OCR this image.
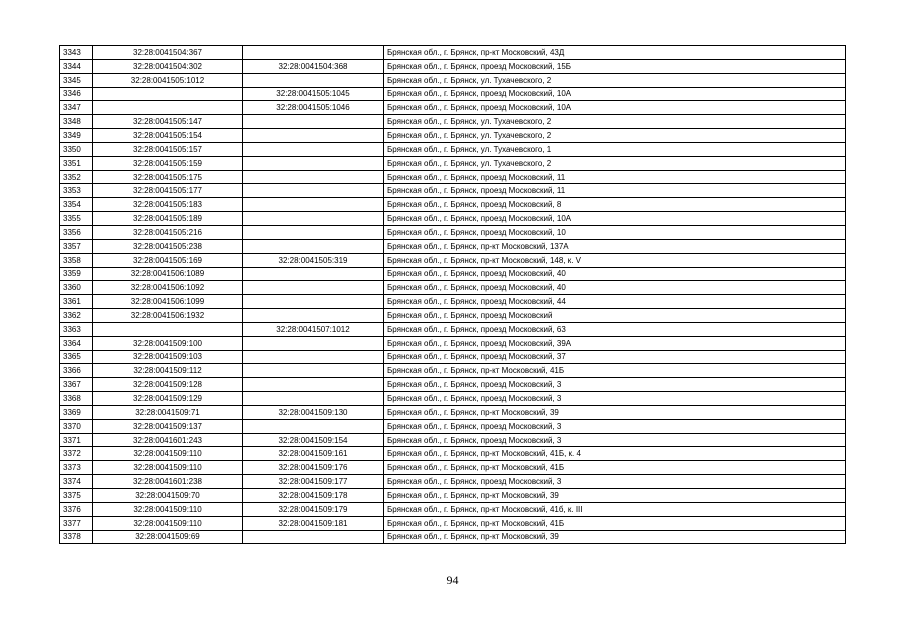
3343	32:28:0041504:367		Брянская обл., г. Брянск, пр-кт Московский, 43Д
3344	32:28:0041504:302	32:28:0041504:368	Брянская обл., г. Брянск, проезд Московский, 15Б
3345	32:28:0041505:1012		Брянская обл., г. Брянск, ул. Тухачевского, 2
3346		32:28:0041505:1045	Брянская обл., г. Брянск, проезд Московский, 10А
3347		32:28:0041505:1046	Брянская обл., г. Брянск, проезд Московский, 10А
3348	32:28:0041505:147		Брянская обл., г. Брянск, ул. Тухачевского, 2
3349	32:28:0041505:154		Брянская обл., г. Брянск, ул. Тухачевского, 2
3350	32:28:0041505:157		Брянская обл., г. Брянск, ул. Тухачевского, 1
3351	32:28:0041505:159		Брянская обл., г. Брянск, ул. Тухачевского, 2
3352	32:28:0041505:175		Брянская обл., г. Брянск, проезд Московский, 11
3353	32:28:0041505:177		Брянская обл., г. Брянск, проезд Московский, 11
3354	32:28:0041505:183		Брянская обл., г. Брянск, проезд Московский, 8
3355	32:28:0041505:189		Брянская обл., г. Брянск, проезд Московский, 10А
3356	32:28:0041505:216		Брянская обл., г. Брянск, проезд Московский, 10
3357	32:28:0041505:238		Брянская обл., г. Брянск, пр-кт Московский, 137А
3358	32:28:0041505:169	32:28:0041505:319	Брянская обл., г. Брянск, пр-кт Московский, 148, к. V
3359	32:28:0041506:1089		Брянская обл., г. Брянск, проезд Московский, 40
3360	32:28:0041506:1092		Брянская обл., г. Брянск, проезд Московский, 40
3361	32:28:0041506:1099		Брянская обл., г. Брянск, проезд Московский, 44
3362	32:28:0041506:1932		Брянская обл., г. Брянск, проезд Московский
3363		32:28:0041507:1012	Брянская обл., г. Брянск, проезд Московский, 63
3364	32:28:0041509:100		Брянская обл., г. Брянск, проезд Московский, 39А
3365	32:28:0041509:103		Брянская обл., г. Брянск, проезд Московский, 37
3366	32:28:0041509:112		Брянская обл., г. Брянск, пр-кт Московский, 41Б
3367	32:28:0041509:128		Брянская обл., г. Брянск, проезд Московский, 3
3368	32:28:0041509:129		Брянская обл., г. Брянск, проезд Московский, 3
3369	32:28:0041509:71	32:28:0041509:130	Брянская обл., г. Брянск, пр-кт Московский, 39
3370	32:28:0041509:137		Брянская обл., г. Брянск, проезд Московский, 3
3371	32:28:0041601:243	32:28:0041509:154	Брянская обл., г. Брянск, проезд Московский, 3
3372	32:28:0041509:110	32:28:0041509:161	Брянская обл., г. Брянск, пр-кт Московский, 41Б, к. 4
3373	32:28:0041509:110	32:28:0041509:176	Брянская обл., г. Брянск, пр-кт Московский, 41Б
3374	32:28:0041601:238	32:28:0041509:177	Брянская обл., г. Брянск, проезд Московский, 3
3375	32:28:0041509:70	32:28:0041509:178	Брянская обл., г. Брянск, пр-кт Московский, 39
3376	32:28:0041509:110	32:28:0041509:179	Брянская обл., г. Брянск, пр-кт Московский, 41б, к. III
3377	32:28:0041509:110	32:28:0041509:181	Брянская обл., г. Брянск, пр-кт Московский, 41Б
3378	32:28:0041509:69		Брянская обл., г. Брянск, пр-кт Московский, 39
94
